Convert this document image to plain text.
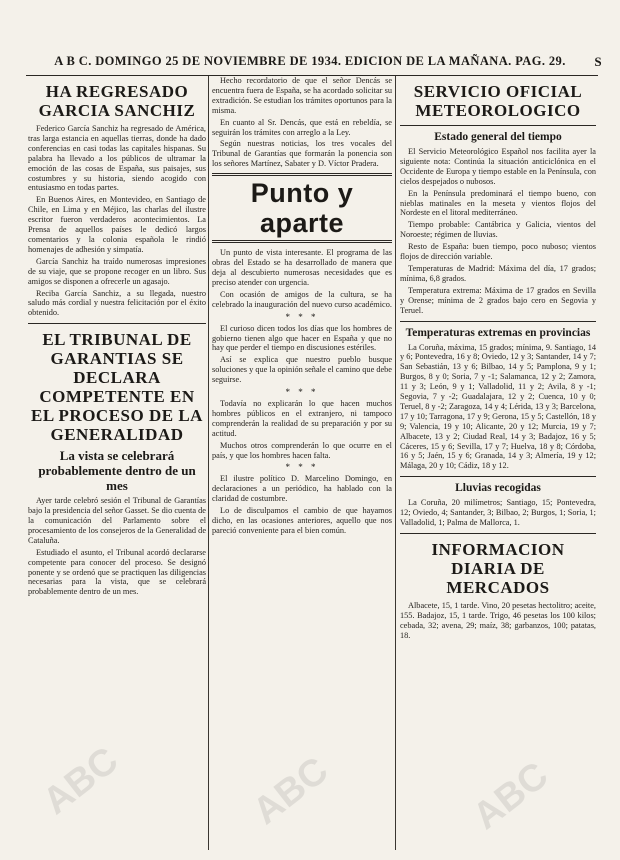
A B C. DOMINGO 25 DE NOVIEMBRE DE 1934. EDICION DE LA MAÑANA. PAG. 29. S
HA REGRESADO GARCIA SANCHIZ

Federico García Sanchiz ha regresado de América, tras larga estancia en aquellas tierras, donde ha dado conferencias en casi todas las capitales hispanas. Su palabra ha llevado a los públicos de ultramar la emoción de las cosas de España, sus paisajes, sus costumbres y su historia, siendo acogido con entusiasmo en todas partes.

En Buenos Aires, en Montevideo, en Santiago de Chile, en Lima y en Méjico, las charlas del ilustre escritor fueron verdaderos acontecimientos. La Prensa de aquellos países le dedicó largos comentarios y la colonia española le rindió homenajes de adhesión y simpatía.

García Sanchiz ha traído numerosas impresiones de su viaje, que se propone recoger en un libro. Sus amigos se disponen a ofrecerle un agasajo.

Reciba García Sanchiz, a su llegada, nuestro saludo más cordial y nuestra felicitación por el éxito obtenido.

EL TRIBUNAL DE GARANTIAS SE DECLARA COMPETENTE EN EL PROCESO DE LA GENERALIDAD
La vista se celebrará probablemente dentro de un mes

Ayer tarde celebró sesión el Tribunal de Garantías bajo la presidencia del señor Gasset. Se dio cuenta de la comunicación del Parlamento sobre el procesamiento de los consejeros de la Generalidad de Cataluña.

Estudiado el asunto, el Tribunal acordó declararse competente para conocer del proceso. Se designó ponente y se ordenó que se practiquen las diligencias necesarias para la vista, que se celebrará probablemente dentro de un mes.

Hecho recordatorio de que el señor Dencás se encuentra fuera de España, se ha acordado solicitar su extradición. Se estudian los trámites oportunos para la misma.

En cuanto al Sr. Dencás, que está en rebeldía, se seguirán los trámites con arreglo a la Ley.

Según nuestras noticias, los tres vocales del Tribunal de Garantías que formarán la ponencia son los señores Martínez, Sabater y D. Víctor Pradera.

Punto y aparte

Un punto de vista interesante. El programa de las obras del Estado se ha desarrollado de manera que deja al descubierto numerosas necesidades que es preciso atender con urgencia.

Con ocasión de amigos de la cultura, se ha celebrado la inauguración del nuevo curso académico.

* * *

El curioso dicen todos los días que los hombres de gobierno tienen algo que hacer en España y que no hay que perder el tiempo en discusiones estériles.

Así se explica que nuestro pueblo busque soluciones y que la opinión señale el camino que debe seguirse.

* * *

Todavía no explicarán lo que hacen muchos hombres públicos en el extranjero, ni tampoco comprenderán la realidad de su preparación y por su actitud.

Muchos otros comprenderán lo que ocurre en el país, y que los hombres hacen falta.

* * *

El ilustre político D. Marcelino Domingo, en declaraciones a un periódico, ha hablado con la claridad de costumbre.

Lo de disculpamos el cambio de que hayamos dicho, en las ocasiones anteriores, aquello que nos pareció conveniente para el bien común.

SERVICIO OFICIAL METEOROLOGICO
Estado general del tiempo

El Servicio Meteorológico Español nos facilita ayer la siguiente nota: Continúa la situación anticiclónica en el Occidente de Europa y tiempo estable en la Península, con cielos despejados o nubosos.

En la Península predominará el tiempo bueno, con nieblas matinales en la meseta y vientos flojos del Nordeste en el litoral mediterráneo.

Tiempo probable: Cantábrica y Galicia, vientos del Noroeste; régimen de lluvias.

Resto de España: buen tiempo, poco nuboso; vientos flojos de dirección variable.

Temperaturas de Madrid: Máxima del día, 17 grados; mínima, 6,8 grados.

Temperatura extrema: Máxima de 17 grados en Sevilla y Orense; mínima de 2 grados bajo cero en Segovia y Teruel.

Temperaturas extremas en provincias

La Coruña, máxima, 15 grados; mínima, 9. Santiago, 14 y 6; Pontevedra, 16 y 8; Oviedo, 12 y 3; Santander, 14 y 7; San Sebastián, 13 y 6; Bilbao, 14 y 5; Pamplona, 9 y 1; Burgos, 8 y 0; Soria, 7 y -1; Salamanca, 12 y 2; Zamora, 11 y 3; León, 9 y 1; Valladolid, 11 y 2; Avila, 8 y -1; Segovia, 7 y -2; Guadalajara, 12 y 2; Cuenca, 10 y 0; Teruel, 8 y -2; Zaragoza, 14 y 4; Lérida, 13 y 3; Barcelona, 17 y 10; Tarragona, 17 y 9; Gerona, 15 y 5; Castellón, 18 y 9; Valencia, 19 y 10; Alicante, 20 y 12; Murcia, 19 y 7; Albacete, 13 y 2; Ciudad Real, 14 y 3; Badajoz, 16 y 5; Cáceres, 15 y 6; Sevilla, 17 y 7; Huelva, 18 y 8; Córdoba, 16 y 5; Jaén, 15 y 6; Granada, 14 y 3; Almería, 19 y 12; Málaga, 20 y 10; Cádiz, 18 y 12.

Lluvias recogidas

La Coruña, 20 milímetros; Santiago, 15; Pontevedra, 12; Oviedo, 4; Santander, 3; Bilbao, 2; Burgos, 1; Soria, 1; Valladolid, 1; Palma de Mallorca, 1.

INFORMACION DIARIA DE MERCADOS

Albacete, 15, 1 tarde. Vino, 20 pesetas hectolitro; aceite, 155. Badajoz, 15, 1 tarde. Trigo, 46 pesetas los 100 kilos; cebada, 32; avena, 29; maíz, 38; garbanzos, 100; patatas, 18.

ABC	ABC	ABC
